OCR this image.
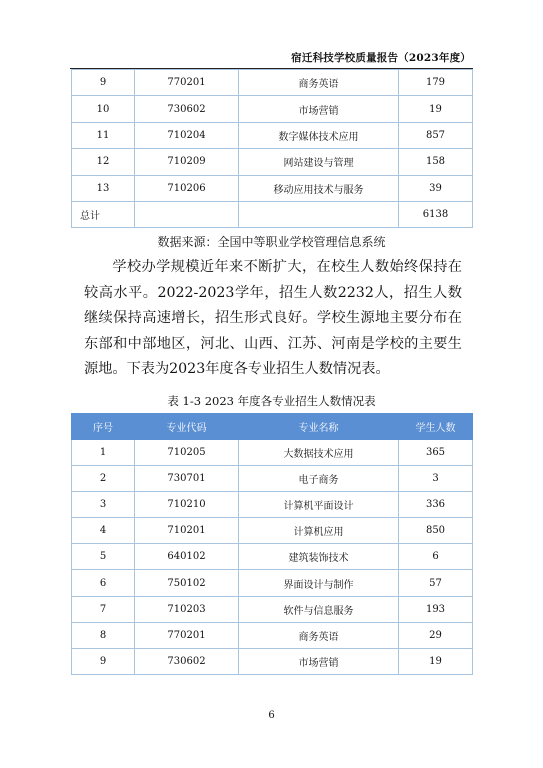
宿迁科技学校质量报告（2023年度）
9	770201	商务英语	179
10	730602	市场营销	19
11	710204	数字媒体技术应用	857
12	710209	网站建设与管理	158
13	710206	移动应用技术与服务	39
总计			6138
数据来源：全国中等职业学校管理信息系统
学校办学规模近年来不断扩大，在校生人数始终保持在较高水平。2022-2023学年，招生人数2232人，招生人数继续保持高速增长，招生形式良好。学校生源地主要分布在东部和中部地区，河北、山西、江苏、河南是学校的主要生源地。下表为2023年度各专业招生人数情况表。
表 1-3 2023 年度各专业招生人数情况表
序号	专业代码	专业名称	学生人数
1	710205	大数据技术应用	365
2	730701	电子商务	3
3	710210	计算机平面设计	336
4	710201	计算机应用	850
5	640102	建筑装饰技术	6
6	750102	界面设计与制作	57
7	710203	软件与信息服务	193
8	770201	商务英语	29
9	730602	市场营销	19
6
